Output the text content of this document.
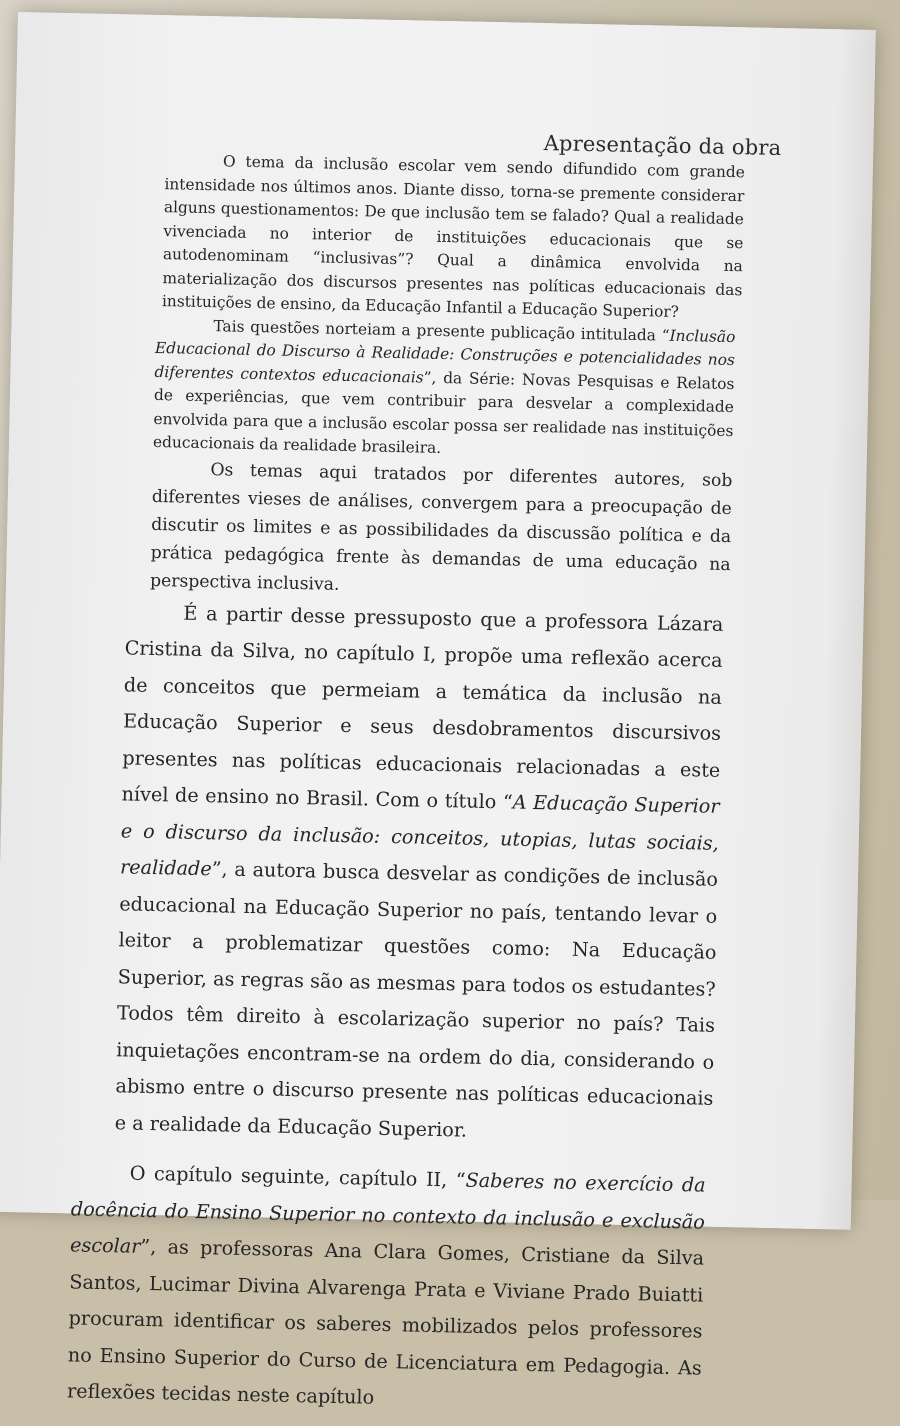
Apresentação da obra

O tema da inclusão escolar vem sendo difundido com grande intensidade nos últimos anos. Diante disso, torna-se premente considerar alguns questionamentos: De que inclusão tem se falado? Qual a realidade vivenciada no interior de instituições educacionais que se autodenominam “inclusivas”? Qual a dinâmica envolvida na materialização dos discursos presentes nas políticas educacionais das instituições de ensino, da Educação Infantil a Educação Superior?

Tais questões norteiam a presente publicação intitulada “Inclusão Educacional do Discurso à Realidade: Construções e potencialidades nos diferentes contextos educacionais”, da Série: Novas Pesquisas e Relatos de experiências, que vem contribuir para desvelar a complexidade envolvida para que a inclusão escolar possa ser realidade nas instituições educacionais da realidade brasileira.

Os temas aqui tratados por diferentes autores, sob diferentes vieses de análises, convergem para a preocupação de discutir os limites e as possibilidades da discussão política e da prática pedagógica frente às demandas de uma educação na perspectiva inclusiva.

É a partir desse pressuposto que a professora Lázara Cristina da Silva, no capítulo I, propõe uma reflexão acerca de conceitos que permeiam a temática da inclusão na Educação Superior e seus desdobramentos discursivos presentes nas políticas educacionais relacionadas a este nível de ensino no Brasil. Com o título “A Educação Superior e o discurso da inclusão: conceitos, utopias, lutas sociais, realidade”, a autora busca desvelar as condições de inclusão educacional na Educação Superior no país, tentando levar o leitor a problematizar questões como: Na Educação Superior, as regras são as mesmas para todos os estudantes? Todos têm direito à escolarização superior no país? Tais inquietações encontram-se na ordem do dia, considerando o abismo entre o discurso presente nas políticas educacionais e a realidade da Educação Superior.

O capítulo seguinte, capítulo II, “Saberes no exercício da docência do Ensino Superior no contexto da inclusão e exclusão escolar”, as professoras Ana Clara Gomes, Cristiane da Silva Santos, Lucimar Divina Alvarenga Prata e Viviane Prado Buiatti procuram identificar os saberes mobilizados pelos professores no Ensino Superior do Curso de Licenciatura em Pedagogia. As reflexões tecidas neste capítulo
